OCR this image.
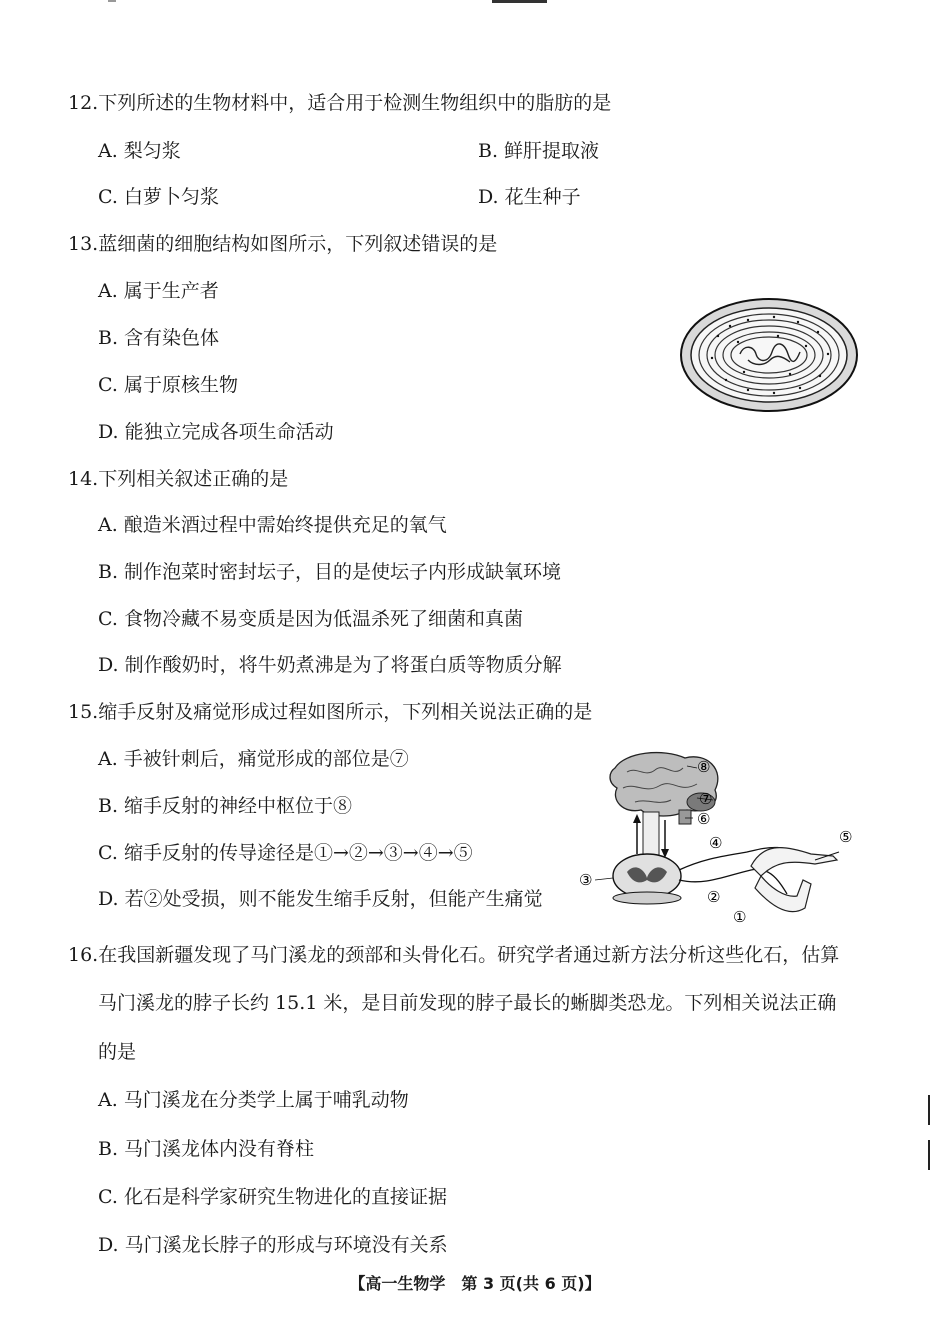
12.下列所述的生物材料中，适合用于检测生物组织中的脂肪的是
A. 梨匀浆	B. 鲜肝提取液
C. 白萝卜匀浆	D. 花生种子
13.蓝细菌的细胞结构如图所示，下列叙述错误的是
A. 属于生产者
B. 含有染色体
C. 属于原核生物
D. 能独立完成各项生命活动
14.下列相关叙述正确的是
A. 酿造米酒过程中需始终提供充足的氧气
B. 制作泡菜时密封坛子，目的是使坛子内形成缺氧环境
C. 食物冷藏不易变质是因为低温杀死了细菌和真菌
D. 制作酸奶时，将牛奶煮沸是为了将蛋白质等物质分解
15.缩手反射及痛觉形成过程如图所示，下列相关说法正确的是
A. 手被针刺后，痛觉形成的部位是⑦
B. 缩手反射的神经中枢位于⑧
C. 缩手反射的传导途径是①→②→③→④→⑤
D. 若②处受损，则不能发生缩手反射，但能产生痛觉
⑧
⑦
⑥
⑤
④
③
②
①
16.在我国新疆发现了马门溪龙的颈部和头骨化石。研究学者通过新方法分析这些化石，估算
马门溪龙的脖子长约 15.1 米，是目前发现的脖子最长的蜥脚类恐龙。下列相关说法正确
的是
A. 马门溪龙在分类学上属于哺乳动物
B. 马门溪龙体内没有脊柱
C. 化石是科学家研究生物进化的直接证据
D. 马门溪龙长脖子的形成与环境没有关系
【高一生物学　第 3 页(共 6 页)】
